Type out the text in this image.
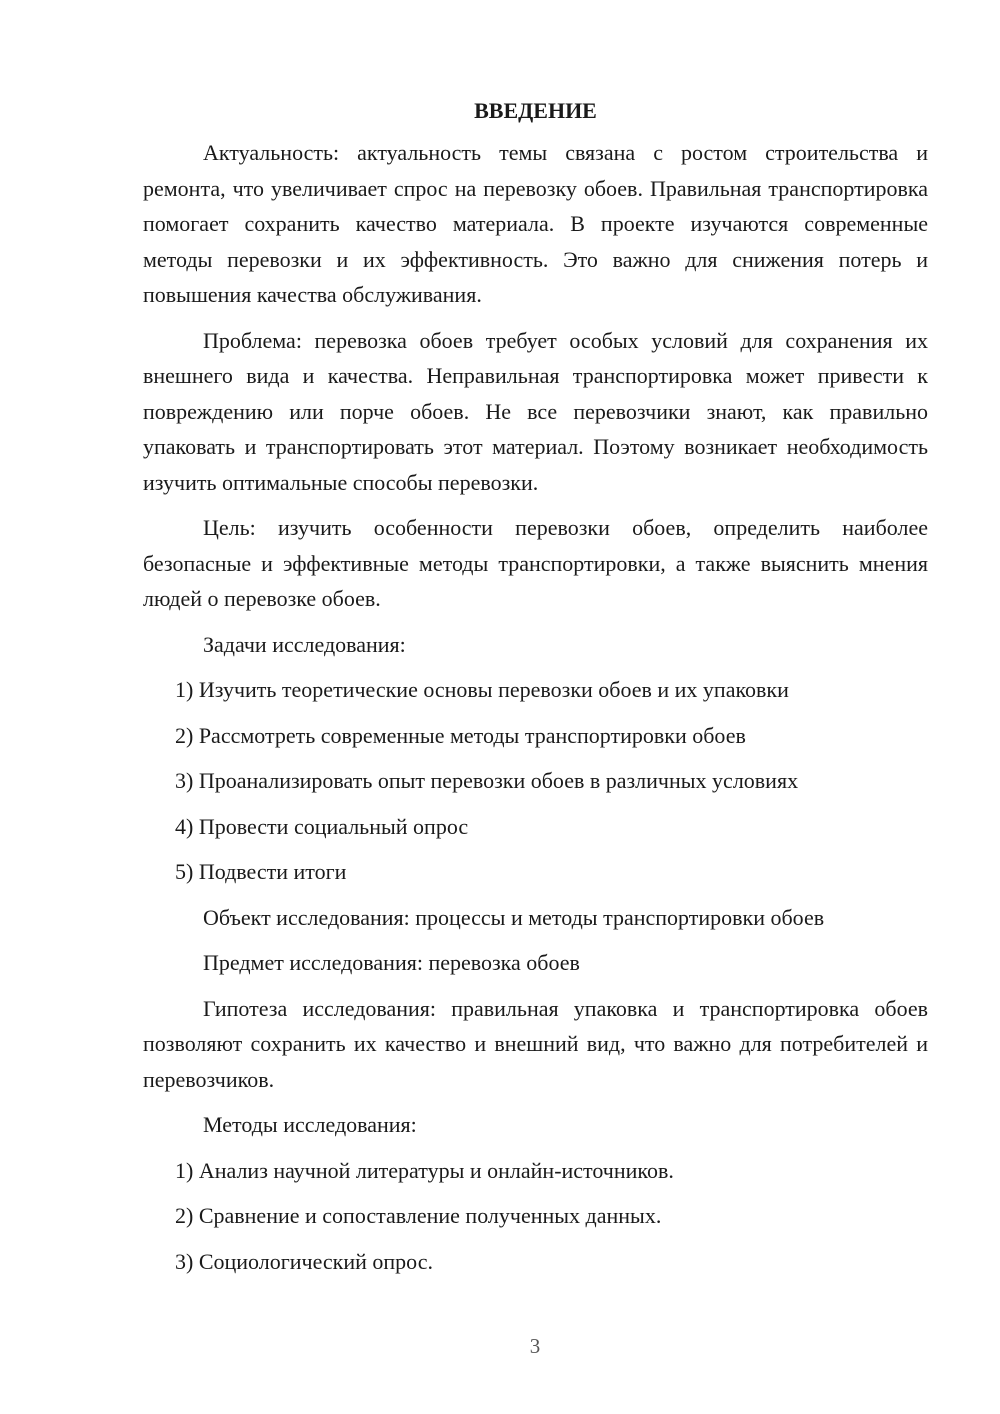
ВВЕДЕНИЕ

Актуальность: актуальность темы связана с ростом строительства и ремонта, что увеличивает спрос на перевозку обоев. Правильная транспортировка помогает сохранить качество материала. В проекте изучаются современные методы перевозки и их эффективность. Это важно для снижения потерь и повышения качества обслуживания.

Проблема: перевозка обоев требует особых условий для сохранения их внешнего вида и качества. Неправильная транспортировка может привести к повреждению или порче обоев. Не все перевозчики знают, как правильно упаковать и транспортировать этот материал. Поэтому возникает необходимость изучить оптимальные способы перевозки.

Цель: изучить особенности перевозки обоев, определить наиболее безопасные и эффективные методы транспортировки, а также выяснить мнения людей о перевозке обоев.

Задачи исследования:

1) Изучить теоретические основы перевозки обоев и их упаковки

2) Рассмотреть современные методы транспортировки обоев

3) Проанализировать опыт перевозки обоев в различных условиях

4) Провести социальный опрос

5) Подвести итоги

Объект исследования: процессы и методы транспортировки обоев

Предмет исследования: перевозка обоев

Гипотеза исследования: правильная упаковка и транспортировка обоев позволяют сохранить их качество и внешний вид, что важно для потребителей и перевозчиков.

Методы исследования:

1) Анализ научной литературы и онлайн-источников.

2) Сравнение и сопоставление полученных данных.

3) Социологический опрос.

3
